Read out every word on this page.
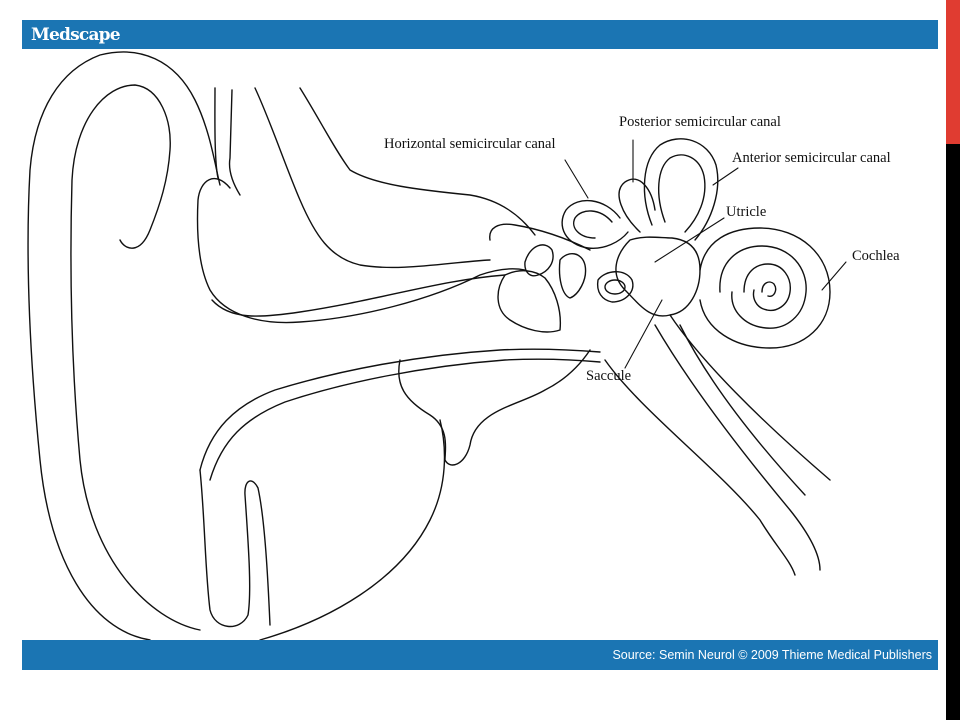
Medscape
Posterior semicircular canal
Horizontal semicircular canal
Anterior semicircular canal
Utricle
Cochlea
Saccule
Source: Semin Neurol © 2009 Thieme Medical Publishers
